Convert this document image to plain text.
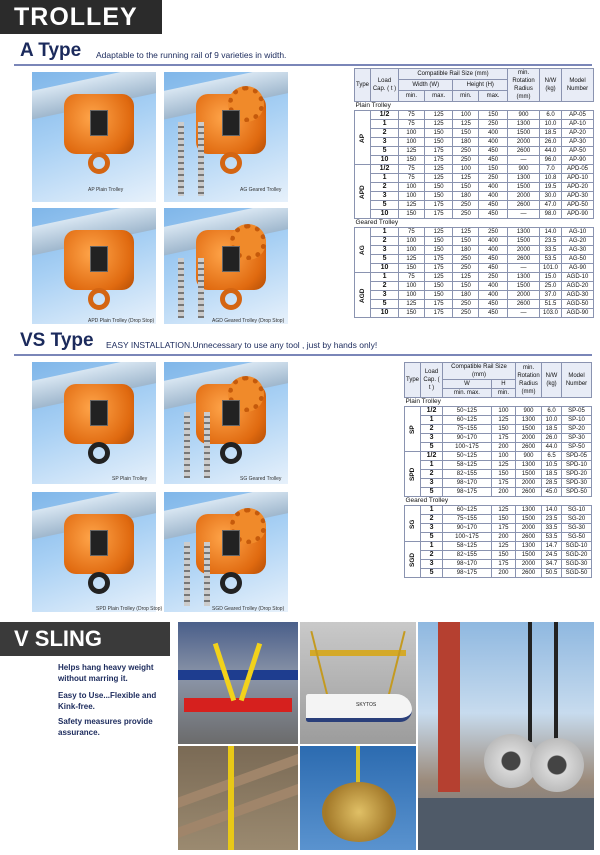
TROLLEY
A Type Adaptable to the running rail of 9 varieties in width.
AP Plain Trolley	AG Geared Trolley
APD Plain Trolley (Drop Stop)	AGD Geared Trolley (Drop Stop)
Type	Load Cap. ( t )	Compatible Rail Size (mm)				min. Rotation Radius (mm)	N/W (kg)	Model Number
		Width (W)		Height (H)				
		min.	max.	min.	max.			
Plain Trolley								
AP	1/2	75	125	100	150	900	6.0	AP-05
	1	75	125	125	250	1300	10.0	AP-10
	2	100	150	150	400	1500	18.5	AP-20
	3	100	150	180	400	2000	26.0	AP-30
	5	125	175	250	450	2600	44.0	AP-50
	10	150	175	250	450	—	96.0	AP-90
APD	1/2	75	125	100	150	900	7.0	APD-05
	1	75	125	125	250	1300	10.8	APD-10
	2	100	150	150	400	1500	19.5	APD-20
	3	100	150	180	400	2000	30.0	APD-30
	5	125	175	250	450	2600	47.0	APD-50
	10	150	175	250	450	—	98.0	APD-90
Geared Trolley								
AG	1	75	125	125	250	1300	14.0	AG-10
	2	100	150	150	400	1500	23.5	AG-20
	3	100	150	180	400	2000	33.5	AG-30
	5	125	175	250	450	2600	53.5	AG-50
	10	150	175	250	450	—	101.0	AG-90
AGD	1	75	125	125	250	1300	15.0	AGD-10
	2	100	150	150	400	1500	25.0	AGD-20
	3	100	150	180	400	2000	37.0	AGD-30
	5	125	175	250	450	2600	51.5	AGD-50
	10	150	175	250	450	—	103.0	AGD-90
VS Type EASY INSTALLATION.Unnecessary to use any tool , just by hands only!
SP Plain Trolley	SG Geared Trolley
SPD Plain Trolley (Drop Stop)	SGD Geared Trolley (Drop Stop)
Type	Load Cap. ( t )	Compatible Rail Size (mm)		min. Rotation Radius (mm)	N/W (kg)	Model Number
		W	H			
		min. max.	min.			
Plain Trolley						
SP	1/2	50~125	100	900	6.0	SP-05
	1	60~125	125	1300	10.0	SP-10
	2	75~155	150	1500	18.5	SP-20
	3	90~170	175	2000	26.0	SP-30
	5	100~175	200	2600	44.0	SP-50
SPD	1/2	50~125	100	900	6.5	SPD-05
	1	58~125	125	1300	10.5	SPD-10
	2	82~155	150	1500	18.5	SPD-20
	3	98~170	175	2000	28.5	SPD-30
	5	98~175	200	2600	45.0	SPD-50
Geared Trolley						
SG	1	60~125	125	1300	14.0	SG-10
	2	75~155	150	1500	23.5	SG-20
	3	90~170	175	2000	33.5	SG-30
	5	100~175	200	2600	53.5	SG-50
SGD	1	58~125	125	1300	14.7	SGD-10
	2	82~155	150	1500	24.5	SGD-20
	3	98~170	175	2000	34.7	SGD-30
	5	98~175	200	2600	50.5	SGD-50
V SLING
Helps hang heavy weight without marring it.
Easy to Use...Flexible and Kink-free.
Safety measures provide assurance.
SKYTOS
